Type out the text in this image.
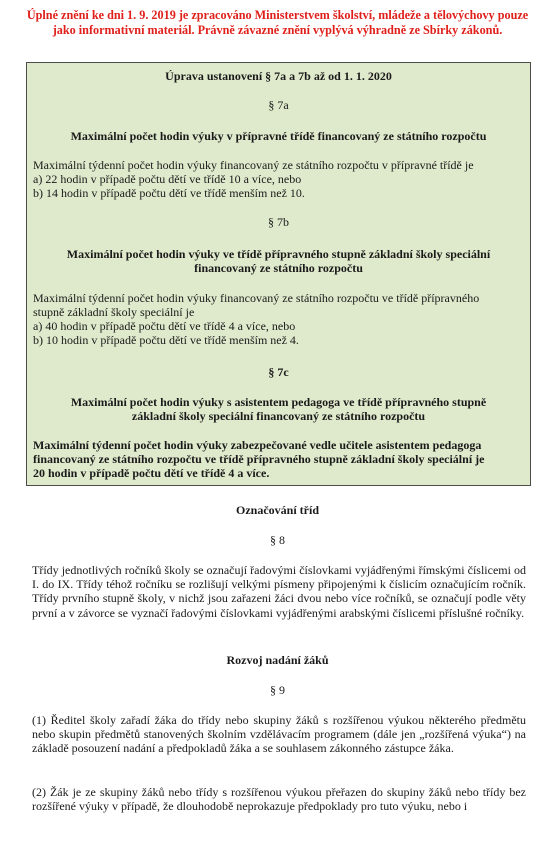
Úplné znění ke dni 1. 9. 2019 je zpracováno Ministerstvem školství, mládeže a tělovýchovy pouze
jako informativní materiál. Právně závazné znění vyplývá výhradně ze Sbírky zákonů.
Úprava ustanovení § 7a a 7b až od 1. 1. 2020
§ 7a
Maximální počet hodin výuky v přípravné třídě financovaný ze státního rozpočtu
Maximální týdenní počet hodin výuky financovaný ze státního rozpočtu v přípravné třídě je
a) 22 hodin v případě počtu dětí ve třídě 10 a více, nebo
b) 14 hodin v případě počtu dětí ve třídě menším než 10.
§ 7b
Maximální počet hodin výuky ve třídě přípravného stupně základní školy speciální
financovaný ze státního rozpočtu
Maximální týdenní počet hodin výuky financovaný ze státního rozpočtu ve třídě přípravného
stupně základní školy speciální je
a) 40 hodin v případě počtu dětí ve třídě 4 a více, nebo
b) 10 hodin v případě počtu dětí ve třídě menším než 4.
§ 7c
Maximální počet hodin výuky s asistentem pedagoga ve třídě přípravného stupně
základní školy speciální financovaný ze státního rozpočtu
Maximální týdenní počet hodin výuky zabezpečované vedle učitele asistentem pedagoga
financovaný ze státního rozpočtu ve třídě přípravného stupně základní školy speciální je
20 hodin v případě počtu dětí ve třídě 4 a více.
Označování tříd
§ 8
Třídy jednotlivých ročníků školy se označují řadovými číslovkami vyjádřenými římskými číslicemi od I. do IX. Třídy téhož ročníku se rozlišují velkými písmeny připojenými k číslicím označujícím ročník. Třídy prvního stupně školy, v nichž jsou zařazeni žáci dvou nebo více ročníků, se označují podle věty první a v závorce se vyznačí řadovými číslovkami vyjádřenými arabskými číslicemi příslušné ročníky.
Rozvoj nadání žáků
§ 9
(1) Ředitel školy zařadí žáka do třídy nebo skupiny žáků s rozšířenou výukou některého předmětu nebo skupin předmětů stanovených školním vzdělávacím programem (dále jen „rozšířená výuka“) na základě posouzení nadání a předpokladů žáka a se souhlasem zákonného zástupce žáka.
(2) Žák je ze skupiny žáků nebo třídy s rozšířenou výukou přeřazen do skupiny žáků nebo třídy bez rozšířené výuky v případě, že dlouhodobě neprokazuje předpoklady pro tuto výuku, nebo i
